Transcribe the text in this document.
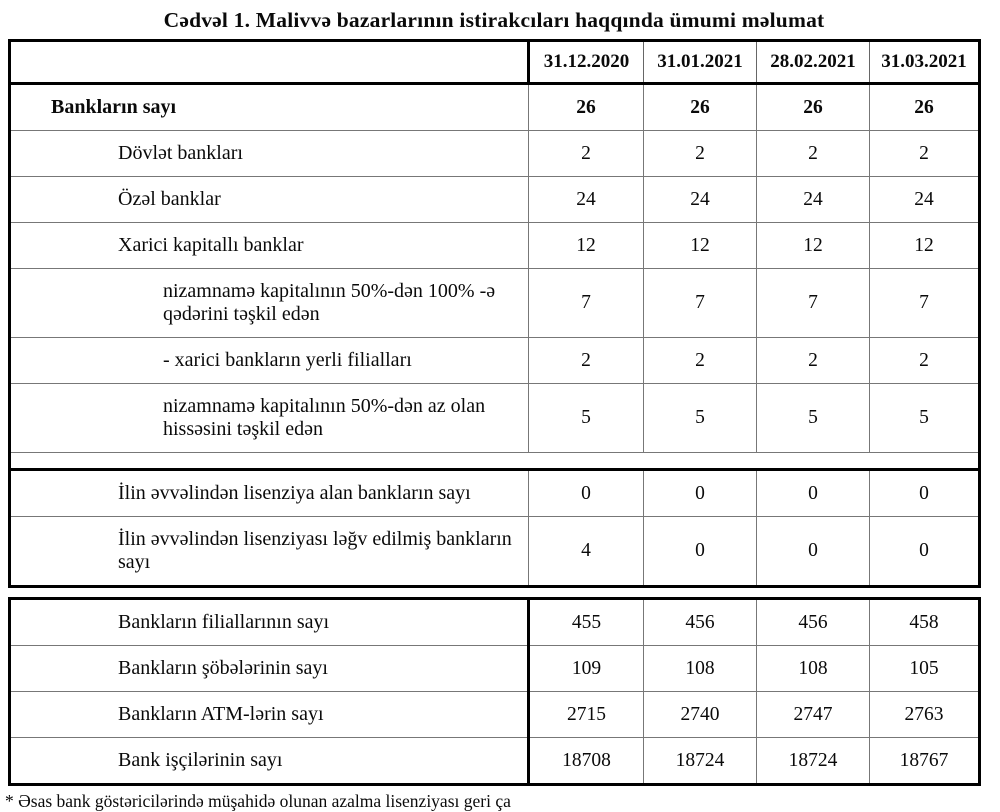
Cədvəl 1. Malivvə bazarlarının istirakcıları haqqında ümumi məlumat
	31.12.2020	31.01.2021	28.02.2021	31.03.2021
Bankların sayı	26	26	26	26
Dövlət bankları	2	2	2	2
Özəl banklar	24	24	24	24
Xarici kapitallı banklar	12	12	12	12
nizamnamə kapitalının 50%-dən 100% -ə qədərini təşkil edən	7	7	7	7
- xarici bankların yerli filialları	2	2	2	2
nizamnamə kapitalının 50%-dən az olan hissəsini təşkil edən	5	5	5	5

İlin əvvəlindən lisenziya alan bankların sayı	0	0	0	0
İlin əvvəlindən lisenziyası ləğv edilmiş bankların sayı	4	0	0	0
Bankların filiallarının sayı	455	456	456	458
Bankların şöbələrinin sayı	109	108	108	105
Bankların ATM-lərin sayı	2715	2740	2747	2763
Bank işçilərinin sayı	18708	18724	18724	18767
* Əsas bank göstəricilərində müşahidə olunan azalma lisenziyası geri ça
